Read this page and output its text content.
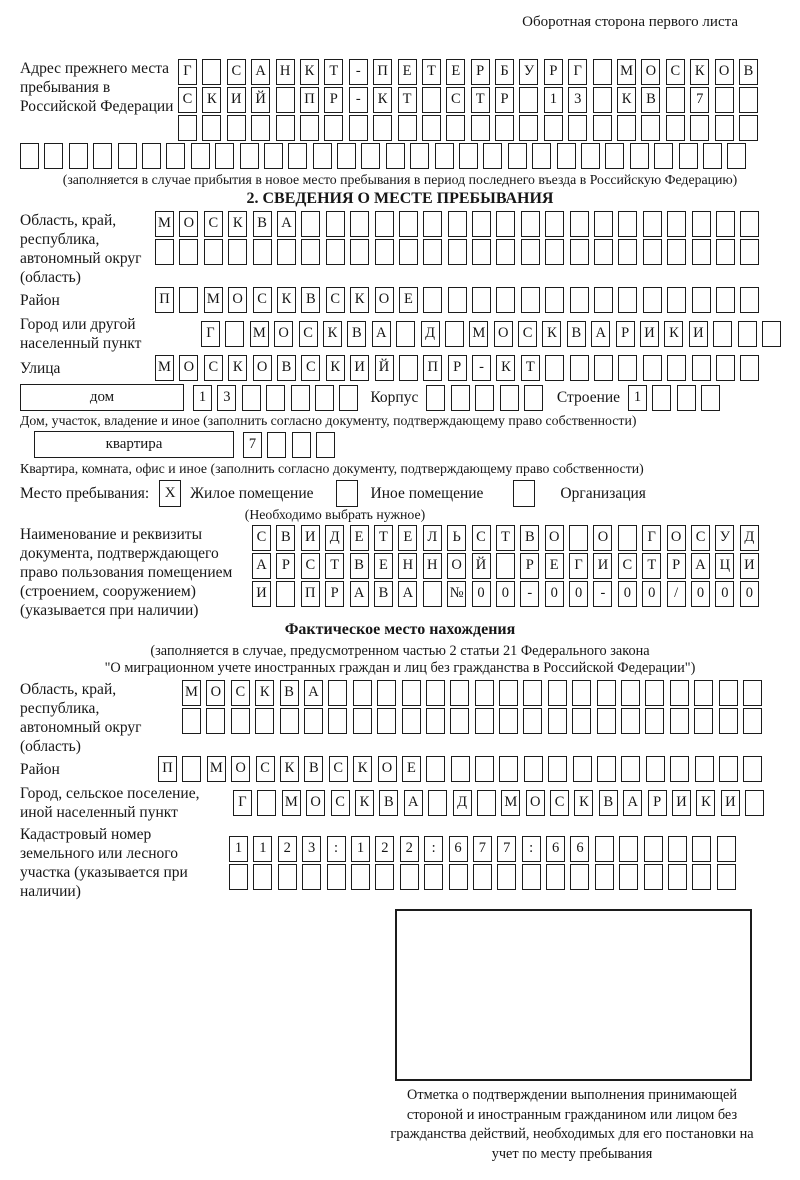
Оборотная сторона первого листа
Адрес прежнего места пребывания в Российской Федерации
Г	С А Н К	Т	-	П	Е	Т	Е	Р	Б	У	Р	Г	М О С	К О В
С	К И Й	П	Р	-	К	Т	С	Т	Р	1	3	К	В	7
(заполняется в случае прибытия в новое место пребывания в период последнего въезда в Российскую Федерацию)
2. СВЕДЕНИЯ О МЕСТЕ ПРЕБЫВАНИЯ
Область, край, республика, автономный округ (область)
М О С	К	В А
Район	П	М О С	К	В	С	К О	Е
Город или другой населенный пункт
Г	М О С	К	В А	Д	М О С	К	В А	Р	И К И
Улица	М О С	К О В	С	К И Й	П	Р	-	К	Т
дом	1	3	Корпус	Строение 1
Дом, участок, владение и иное (заполнить согласно документу, подтверждающему право собственности)
квартира	7
Квартира, комната, офис и иное (заполнить согласно документу, подтверждающему право собственности)
Место пребывания:	X Жилое помещение	Иное помещение	Организация
(Необходимо выбрать нужное)
Наименование и реквизиты документа, подтверждающего право пользования помещением (строением, сооружением) (указывается при наличии)
С	В И Д	Е	Т	Е	Л	Ь	С	Т	В О	О	Г	О С У Д
А	Р	С	Т	В	Е	Н Н О Й	Р	Е	Г	И С	Т	Р	А Ц И
И	П	Р	А В А	№ 0	0	-	0	0	-	0	0	/	0	0	0
Фактическое место нахождения
(заполняется в случае, предусмотренном частью 2 статьи 21 Федерального закона
"О миграционном учете иностранных граждан и лиц без гражданства в Российской Федерации")
Область, край, республика, автономный округ (область)
М О С	К	В А
Район	П	М О С	К	В	С	К О	Е
Город, сельское поселение, иной населенный пункт
Г	М О С	К	В А	Д	М О С	К	В А	Р	И К И
Кадастровый номер земельного или лесного участка (указывается при наличии)
1	1	2	3	:	1	2	2	:	6	7	7	:	6	6
Отметка о подтверждении выполнения принимающей стороной и иностранным гражданином или лицом без гражданства действий, необходимых для его постановки на учет по месту пребывания
